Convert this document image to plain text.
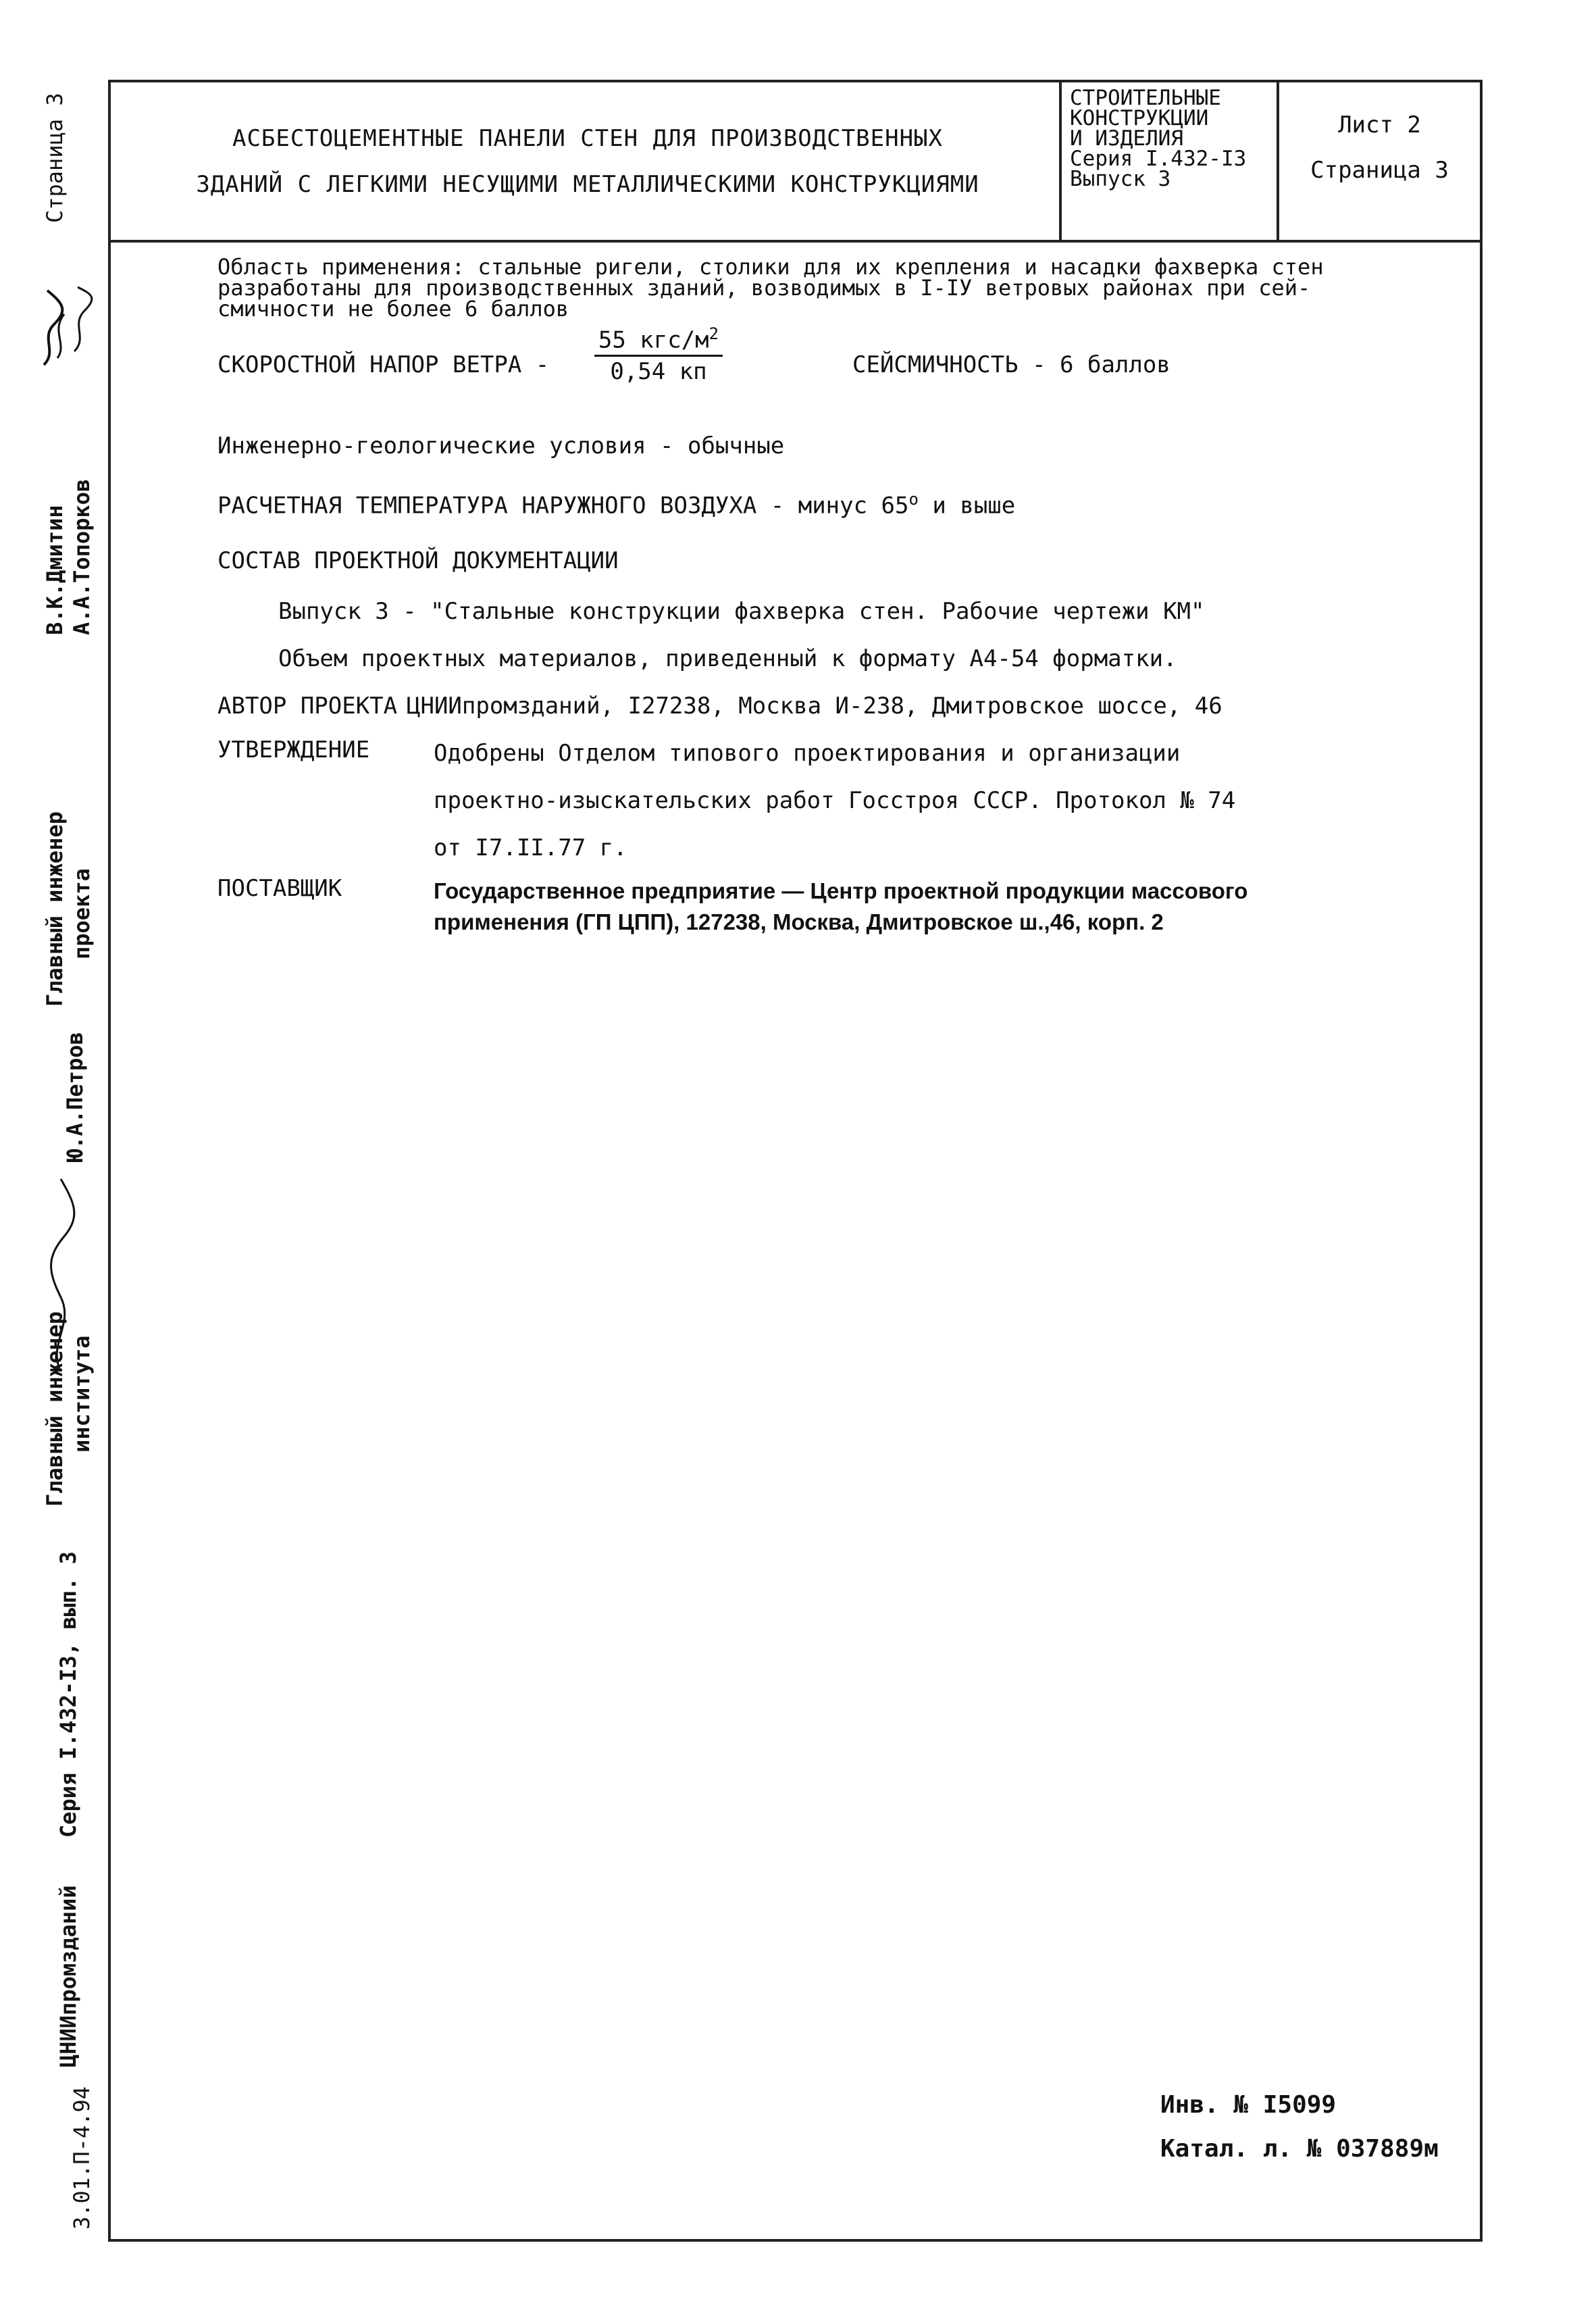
АСБЕСТОЦЕМЕНТНЫЕ ПАНЕЛИ СТЕН ДЛЯ ПРОИЗВОДСТВЕННЫХ
ЗДАНИЙ С ЛЕГКИМИ НЕСУЩИМИ МЕТАЛЛИЧЕСКИМИ КОНСТРУКЦИЯМИ
СТРОИТЕЛЬНЫЕ
КОНСТРУКЦИИ
И ИЗДЕЛИЯ
Серия I.432-I3
Выпуск 3
Лист 2
Страница 3
Область применения: стальные ригели, столики для их крепления и насадки фахверка стен
разработаны для производственных зданий, возводимых в I-IУ ветровых районах при сей-
смичности не более 6 баллов
СКОРОСТНОЙ НАПОР ВЕТРА -
55 кгс/$м^2$
0,54 кп	СЕЙСМИЧНОСТЬ - 6 баллов
Инженерно-геологические условия - обычные
РАСЧЕТНАЯ ТЕМПЕРАТУРА НАРУЖНОГО ВОЗДУХА - минус $65^о$ и выше
СОСТАВ ПРОЕКТНОЙ ДОКУМЕНТАЦИИ
Выпуск 3 - "Стальные конструкции фахверка стен. Рабочие чертежи КМ"
Объем проектных материалов, приведенный к формату А4-54 форматки.
АВТОР ПРОЕКТА ЦНИИпромзданий, I27238, Москва И-238, Дмитровское шоссе, 46
УТВЕРЖДЕНИЕ	Одобрены Отделом типового проектирования и организации
проектно-изыскательских работ Госстроя СССР. Протокол № 74
от I7.II.77 г.
ПОСТАВЩИК	Государственное предприятие — Центр проектной продукции массового
применения (ГП ЦПП), 127238, Москва, Дмитровское ш.,46, корп. 2
Инв. № I5099
Катал. л. № 037889м
Страница 3
В.К.Дмитин А.А.Топорков
Главный инженер проекта
Ю.А.Петров
Главный инженер института
Серия I.432-I3, вып. 3
ЦНИИпромзданий
3.01.П-4.94
